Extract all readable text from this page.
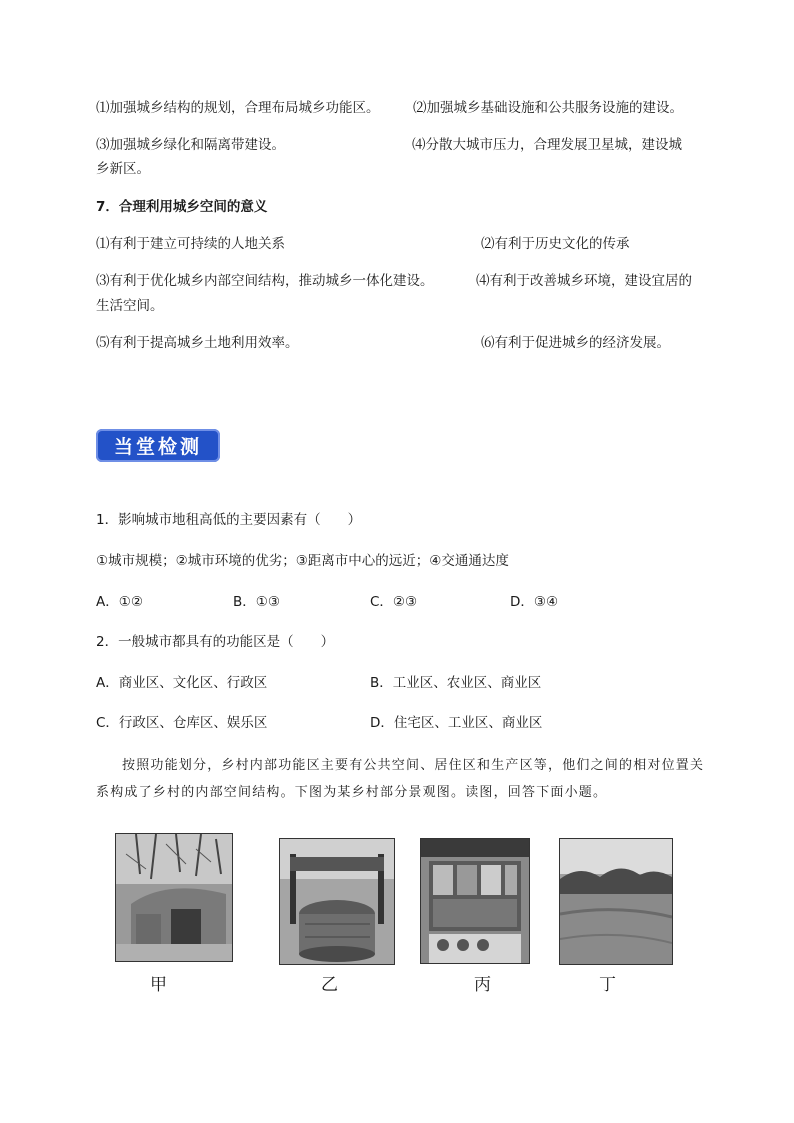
⑴加强城乡结构的规划，合理布局城乡功能区。 ⑵加强城乡基础设施和公共服务设施的建设。
⑶加强城乡绿化和隔离带建设。	⑷分散大城市压力，合理发展卫星城，建设城
乡新区。
7．合理利用城乡空间的意义
⑴有利于建立可持续的人地关系	⑵有利于历史文化的传承
⑶有利于优化城乡内部空间结构，推动城乡一体化建设。	⑷有利于改善城乡环境，建设宜居的
生活空间。
⑸有利于提高城乡土地利用效率。	⑹有利于促进城乡的经济发展。
当堂检测
1．影响城市地租高低的主要因素有（　　）
①城市规模；②城市环境的优劣；③距离市中心的远近；④交通通达度
A．①②	B．①③	C．②③	D．③④
2．一般城市都具有的功能区是（　　）
A．商业区、文化区、行政区	B．工业区、农业区、商业区
C．行政区、仓库区、娱乐区	D．住宅区、工业区、商业区
按照功能划分，乡村内部功能区主要有公共空间、居住区和生产区等，他们之间的相对位置关
系构成了乡村的内部空间结构。下图为某乡村部分景观图。读图，回答下面小题。
甲	乙	丙	丁
